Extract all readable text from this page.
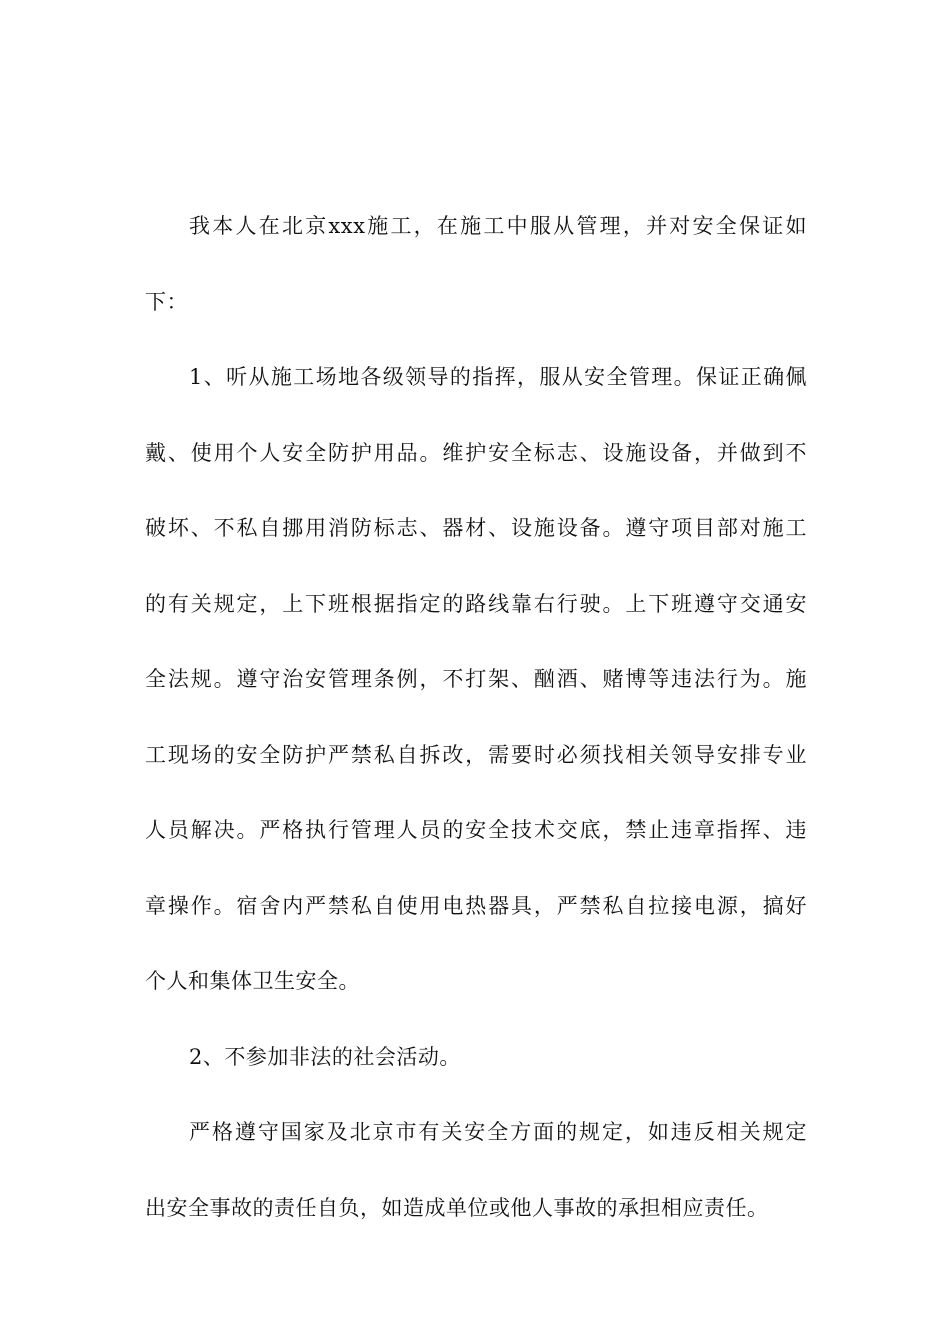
我本人在北京xxx施工，在施工中服从管理，并对安全保证如
下：
1、听从施工场地各级领导的指挥，服从安全管理。保证正确佩
戴、使用个人安全防护用品。维护安全标志、设施设备，并做到不
破坏、不私自挪用消防标志、器材、设施设备。遵守项目部对施工
的有关规定，上下班根据指定的路线靠右行驶。上下班遵守交通安
全法规。遵守治安管理条例，不打架、酗酒、赌博等违法行为。施
工现场的安全防护严禁私自拆改，需要时必须找相关领导安排专业
人员解决。严格执行管理人员的安全技术交底，禁止违章指挥、违
章操作。宿舍内严禁私自使用电热器具，严禁私自拉接电源，搞好
个人和集体卫生安全。
2、不参加非法的社会活动。
严格遵守国家及北京市有关安全方面的规定，如违反相关规定
出安全事故的责任自负，如造成单位或他人事故的承担相应责任。
